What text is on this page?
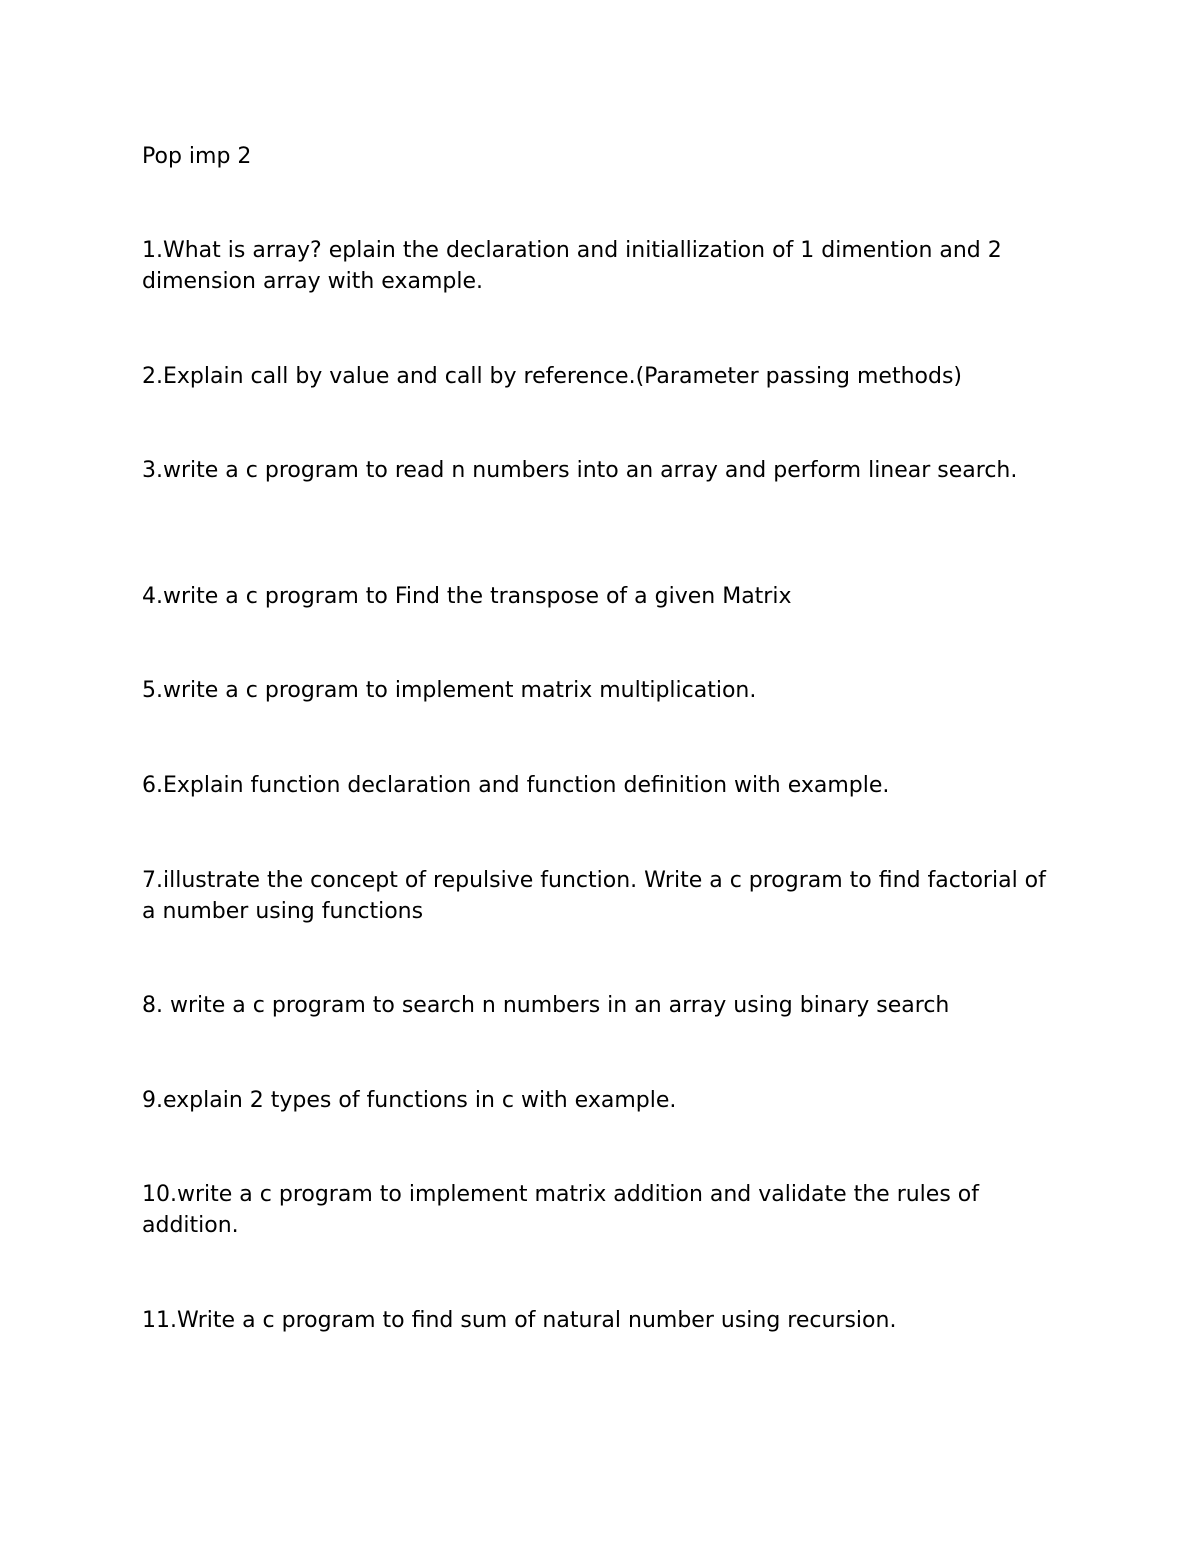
Pop imp 2

1.What is array? eplain the declaration and initiallization of 1 dimention and 2 dimension array with example.

2.Explain call by value and call by reference.(Parameter passing methods)

3.write a c program to read n numbers into an array and perform linear search.

4.write a c program to Find the transpose of a given Matrix

5.write a c program to implement matrix multiplication.

6.Explain function declaration and function definition with example.

7.illustrate the concept of repulsive function. Write a c program to find factorial of a number using functions

8. write a c program to search n numbers in an array using binary search

9.explain 2 types of functions in c with example.

10.write a c program to implement matrix addition and validate the rules of addition.

11.Write a c program to find sum of natural number using recursion.
